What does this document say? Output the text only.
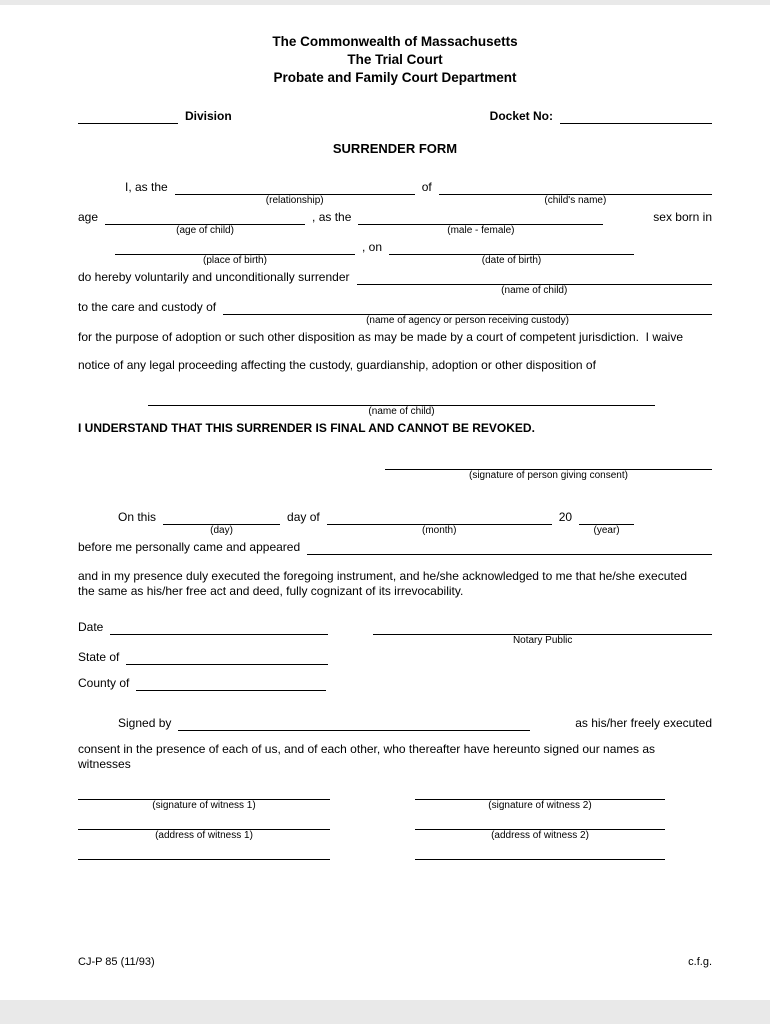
The Commonwealth of Massachusetts
The Trial Court
Probate and Family Court Department
Division	Docket No:
SURRENDER FORM
I, as the
(relationship)
of
(child's name)
age
(age of child)
, as the
(male - female)
sex born in
(place of birth)
, on
(date of birth)
do hereby voluntarily and unconditionally surrender
(name of child)
to the care and custody of
(name of agency or person receiving custody)
for the purpose of adoption or such other disposition as may be made by a court of competent jurisdiction.  I waive
notice of any legal proceeding affecting the custody, guardianship, adoption or other disposition of
(name of child)
I UNDERSTAND THAT THIS SURRENDER IS FINAL AND CANNOT BE REVOKED.
(signature of person giving consent)
On this
(day)
day of
(month)
20
(year)
before me personally came and appeared
and in my presence duly executed the foregoing instrument, and he/she acknowledged to me that he/she executed
the same as his/her free act and deed, fully cognizant of its irrevocability.
Date
Notary Public
State of
County of
Signed by	as his/her freely executed
consent in the presence of each of us, and of each other, who thereafter have hereunto signed our names as
witnesses
(signature of witness 1)	(signature of witness 2)
(address of witness 1)	(address of witness 2)
CJ-P 85 (11/93)	c.f.g.
